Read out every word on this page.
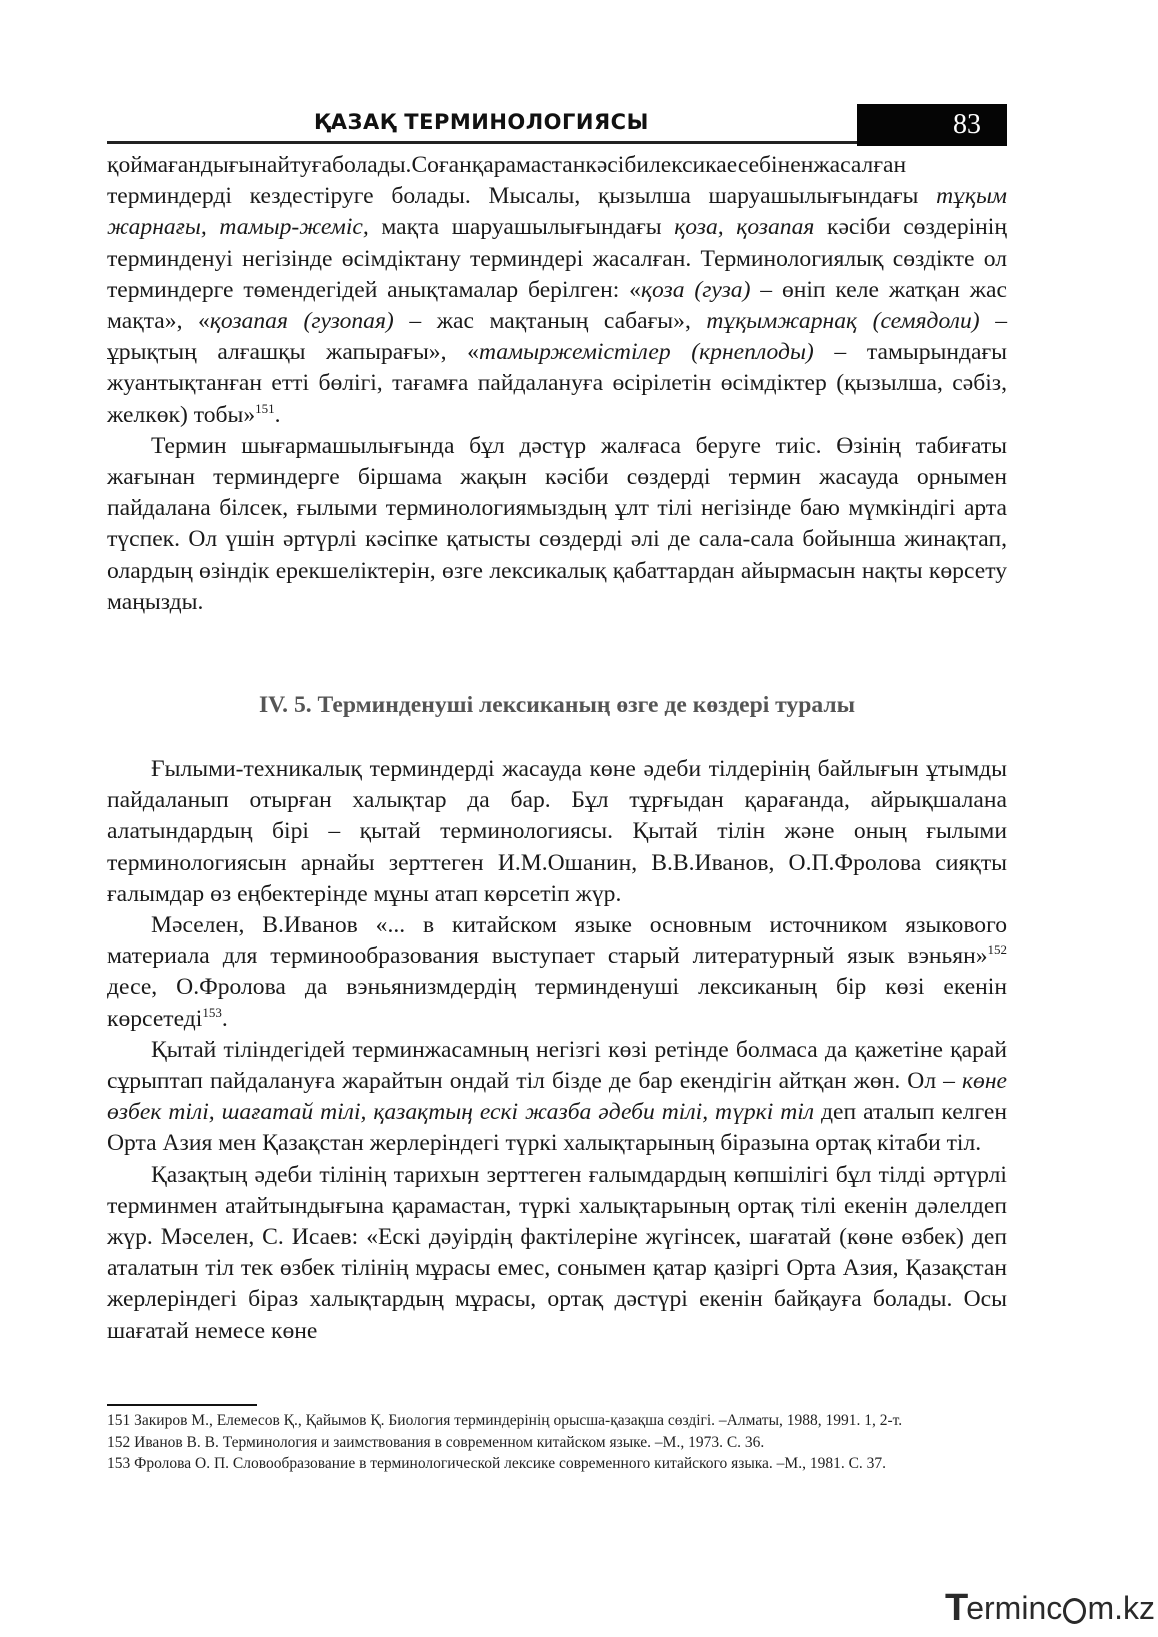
ҚАЗАҚ ТЕРМИНОЛОГИЯСЫ	83

қоймағандығынайтуғаболады.Соғанқарамастанкәсібилексикаесебіненжасалған терминдерді кездестіруге болады. Мысалы, қызылша шаруашылығындағы тұқым жарнағы, тамыр-жеміс, мақта шаруашылығындағы қоза, қозапая кәсіби сөздерінің терминденуі негізінде өсімдіктану терминдері жасалған. Терминологиялық сөздікте ол терминдерге төмендегідей анықтамалар берілген: «қоза (гуза) – өніп келе жатқан жас мақта», «қозапая (гузопая) – жас мақтаның сабағы», тұқымжарнақ (семядоли) – ұрықтың алғашқы жапырағы», «тамыржемістілер (крнеплоды) – тамырындағы жуантықтанған етті бөлігі, тағамға пайдалануға өсірілетін өсімдіктер (қызылша, сәбіз, желкөк) тобы»$^{151}$.

Термин шығармашылығында бұл дәстүр жалғаса беруге тиіс. Өзінің табиғаты жағынан терминдерге біршама жақын кәсіби сөздерді термин жасауда орнымен пайдалана білсек, ғылыми терминологиямыздың ұлт тілі негізінде баю мүмкіндігі арта түспек. Ол үшін әртүрлі кәсіпке қатысты сөздерді әлі де сала-сала бойынша жинақтап, олардың өзіндік ерекшеліктерін, өзге лексикалық қабаттардан айырмасын нақты көрсету маңызды.

IV. 5. Терминденуші лексиканың өзге де көздері туралы

Ғылыми-техникалық терминдерді жасауда көне әдеби тілдерінің байлығын ұтымды пайдаланып отырған халықтар да бар. Бұл тұрғыдан қарағанда, айрықшалана алатындардың бірі – қытай терминологиясы. Қытай тілін және оның ғылыми терминологиясын арнайы зерттеген И.М.Ошанин, В.В.Иванов, О.П.Фролова сияқты ғалымдар өз еңбектерінде мұны атап көрсетіп жүр.

Мәселен, В.Иванов «... в китайском языке основным источником языкового материала для терминообразования выступает старый литературный язык вэньян»$^{152}$ десе, О.Фролова да вэньянизмдердің терминденуші лексиканың бір көзі екенін көрсетеді$^{153}$.

Қытай тіліндегідей терминжасамның негізгі көзі ретінде болмаса да қажетіне қарай сұрыптап пайдалануға жарайтын ондай тіл бізде де бар екендігін айтқан жөн. Ол – көне өзбек тілі, шағатай тілі, қазақтың ескі жазба әдеби тілі, түркі тіл деп аталып келген Орта Азия мен Қазақстан жерлеріндегі түркі халықтарының біразына ортақ кітаби тіл.

Қазақтың әдеби тілінің тарихын зерттеген ғалымдардың көпшілігі бұл тілді әртүрлі терминмен атайтындығына қарамастан, түркі халықтарының ортақ тілі екенін дәлелдеп жүр. Мәселен, С. Исаев: «Ескі дәуірдің фактілеріне жүгінсек, шағатай (көне өзбек) деп аталатын тіл тек өзбек тілінің мұрасы емес, сонымен қатар қазіргі Орта Азия, Қазақстан жерлеріндегі біраз халықтардың мұрасы, ортақ дәстүрі екенін байқауға болады. Осы шағатай немесе көне

151 Закиров М., Елемесов Қ., Қайымов Қ. Биология терминдерінің орысша-қазақша сөздігі. –Алматы, 1988, 1991. 1, 2-т.

152 Иванов В. В. Терминология и заимствования в современном китайском языке. –М., 1973. С. 36.

153 Фролова О. П. Словообразование в терминологической лексике современного китайского языка. –М., 1981. С. 37.

T erminc m.kz
